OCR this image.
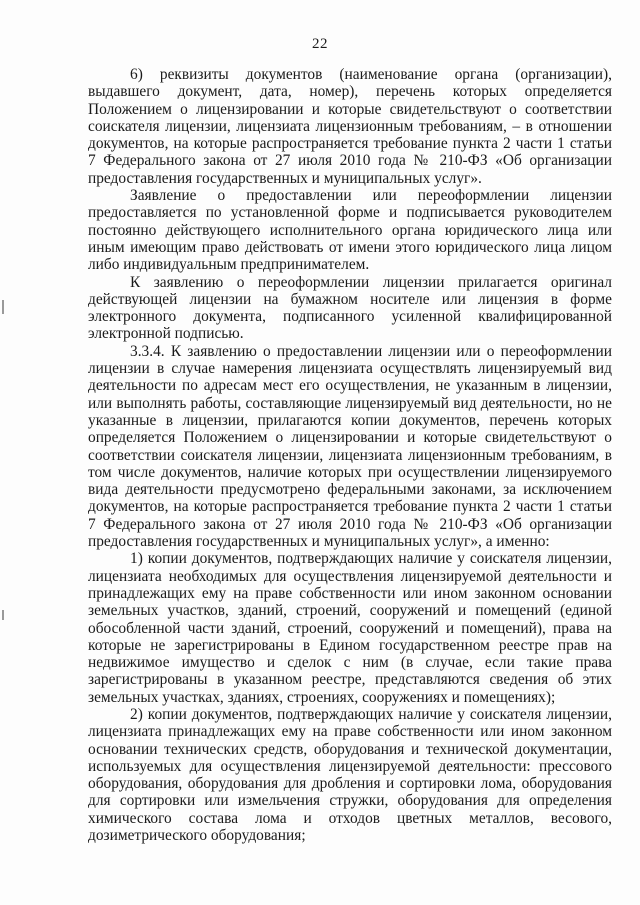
22

6) реквизиты документов (наименование органа (организации), выдавшего документ, дата, номер), перечень которых определяется Положением о лицензировании и которые свидетельствуют о соответствии соискателя лицензии, лицензиата лицензионным требованиям, – в отношении документов, на которые распространяется требование пункта 2 части 1 статьи 7 Федерального закона от 27 июля 2010 года № 210-ФЗ «Об организации предоставления государственных и муниципальных услуг».

Заявление о предоставлении или переоформлении лицензии предоставляется по установленной форме и подписывается руководителем постоянно действующего исполнительного органа юридического лица или иным имеющим право действовать от имени этого юридического лица лицом либо индивидуальным предпринимателем.

К заявлению о переоформлении лицензии прилагается оригинал действующей лицензии на бумажном носителе или лицензия в форме электронного документа, подписанного усиленной квалифицированной электронной подписью.

3.3.4. К заявлению о предоставлении лицензии или о переоформлении лицензии в случае намерения лицензиата осуществлять лицензируемый вид деятельности по адресам мест его осуществления, не указанным в лицензии, или выполнять работы, составляющие лицензируемый вид деятельности, но не указанные в лицензии, прилагаются копии документов, перечень которых определяется Положением о лицензировании и которые свидетельствуют о соответствии соискателя лицензии, лицензиата лицензионным требованиям, в том числе документов, наличие которых при осуществлении лицензируемого вида деятельности предусмотрено федеральными законами, за исключением документов, на которые распространяется требование пункта 2 части 1 статьи 7 Федерального закона от 27 июля 2010 года № 210-ФЗ «Об организации предоставления государственных и муниципальных услуг», а именно:

1) копии документов, подтверждающих наличие у соискателя лицензии, лицензиата необходимых для осуществления лицензируемой деятельности и принадлежащих ему на праве собственности или ином законном основании земельных участков, зданий, строений, сооружений и помещений (единой обособленной части зданий, строений, сооружений и помещений), права на которые не зарегистрированы в Едином государственном реестре прав на недвижимое имущество и сделок с ним (в случае, если такие права зарегистрированы в указанном реестре, представляются сведения об этих земельных участках, зданиях, строениях, сооружениях и помещениях);

2) копии документов, подтверждающих наличие у соискателя лицензии, лицензиата принадлежащих ему на праве собственности или ином законном основании технических средств, оборудования и технической документации, используемых для осуществления лицензируемой деятельности: прессового оборудования, оборудования для дробления и сортировки лома, оборудования для сортировки или измельчения стружки, оборудования для определения химического состава лома и отходов цветных металлов, весового, дозиметрического оборудования;
